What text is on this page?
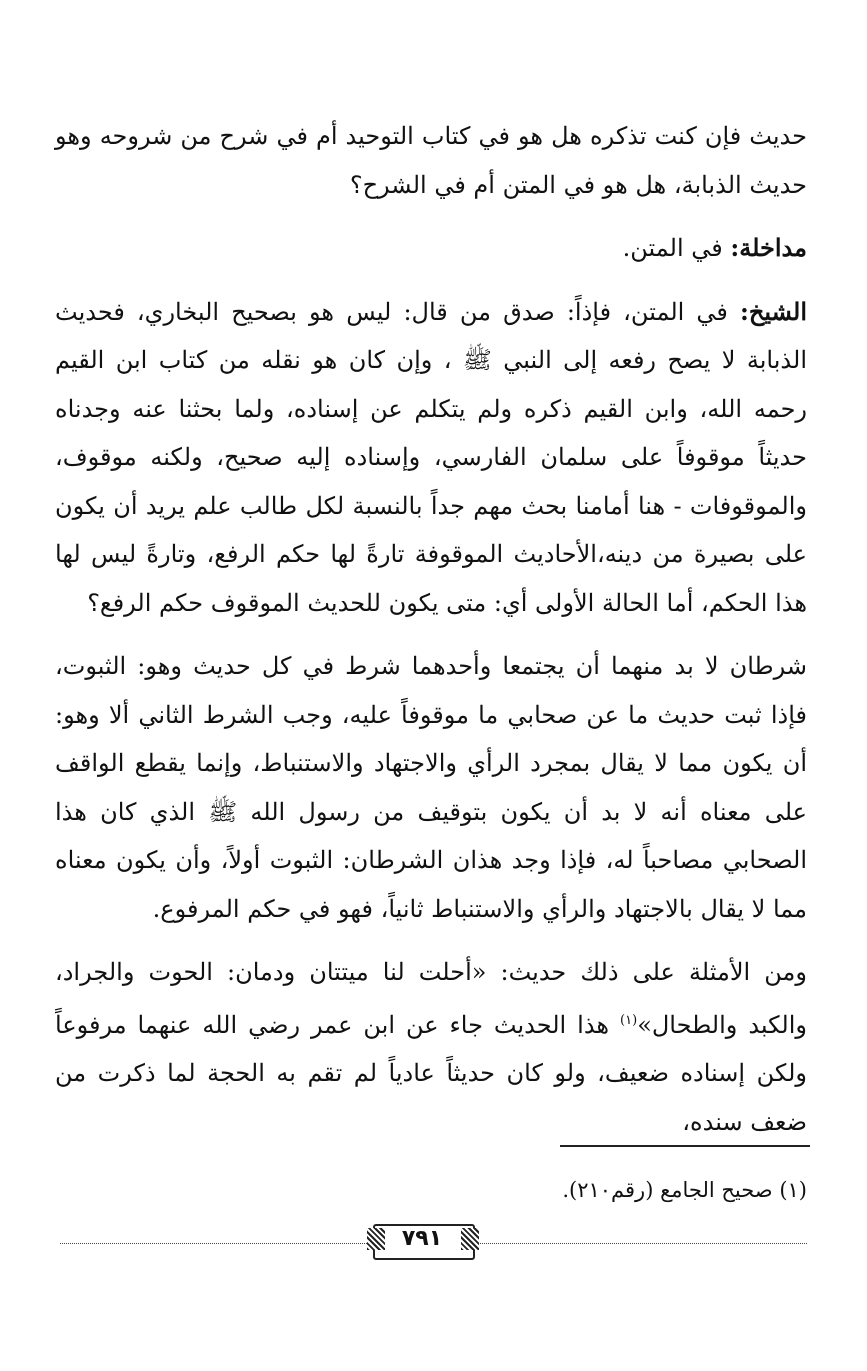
حديث فإن كنت تذكره هل هو في كتاب التوحيد أم في شرح من شروحه وهو حديث الذبابة، هل هو في المتن أم في الشرح؟

مداخلة: في المتن.

الشيخ: في المتن، فإذاً: صدق من قال: ليس هو بصحيح البخاري، فحديث الذبابة لا يصح رفعه إلى النبي ﷺ ، وإن كان هو نقله من كتاب ابن القيم رحمه الله، وابن القيم ذكره ولم يتكلم عن إسناده، ولما بحثنا عنه وجدناه حديثاً موقوفاً على سلمان الفارسي، وإسناده إليه صحيح، ولكنه موقوف، والموقوفات - هنا أمامنا بحث مهم جداً بالنسبة لكل طالب علم يريد أن يكون على بصيرة من دينه،الأحاديث الموقوفة تارةً لها حكم الرفع، وتارةً ليس لها هذا الحكم، أما الحالة الأولى أي: متى يكون للحديث الموقوف حكم الرفع؟

شرطان لا بد منهما أن يجتمعا وأحدهما شرط في كل حديث وهو: الثبوت، فإذا ثبت حديث ما عن صحابي ما موقوفاً عليه، وجب الشرط الثاني ألا وهو: أن يكون مما لا يقال بمجرد الرأي والاجتهاد والاستنباط، وإنما يقطع الواقف على معناه أنه لا بد أن يكون بتوقيف من رسول الله ﷺ الذي كان هذا الصحابي مصاحباً له، فإذا وجد هذان الشرطان: الثبوت أولاً، وأن يكون معناه مما لا يقال بالاجتهاد والرأي والاستنباط ثانياً، فهو في حكم المرفوع.

ومن الأمثلة على ذلك حديث: «أحلت لنا ميتتان ودمان: الحوت والجراد، والكبد والطحال»$^{(١)}$ هذا الحديث جاء عن ابن عمر رضي الله عنهما مرفوعاً ولكن إسناده ضعيف، ولو كان حديثاً عادياً لم تقم به الحجة لما ذكرت من ضعف سنده،

(١) صحيح الجامع (رقم٢١٠).
٧٩١
